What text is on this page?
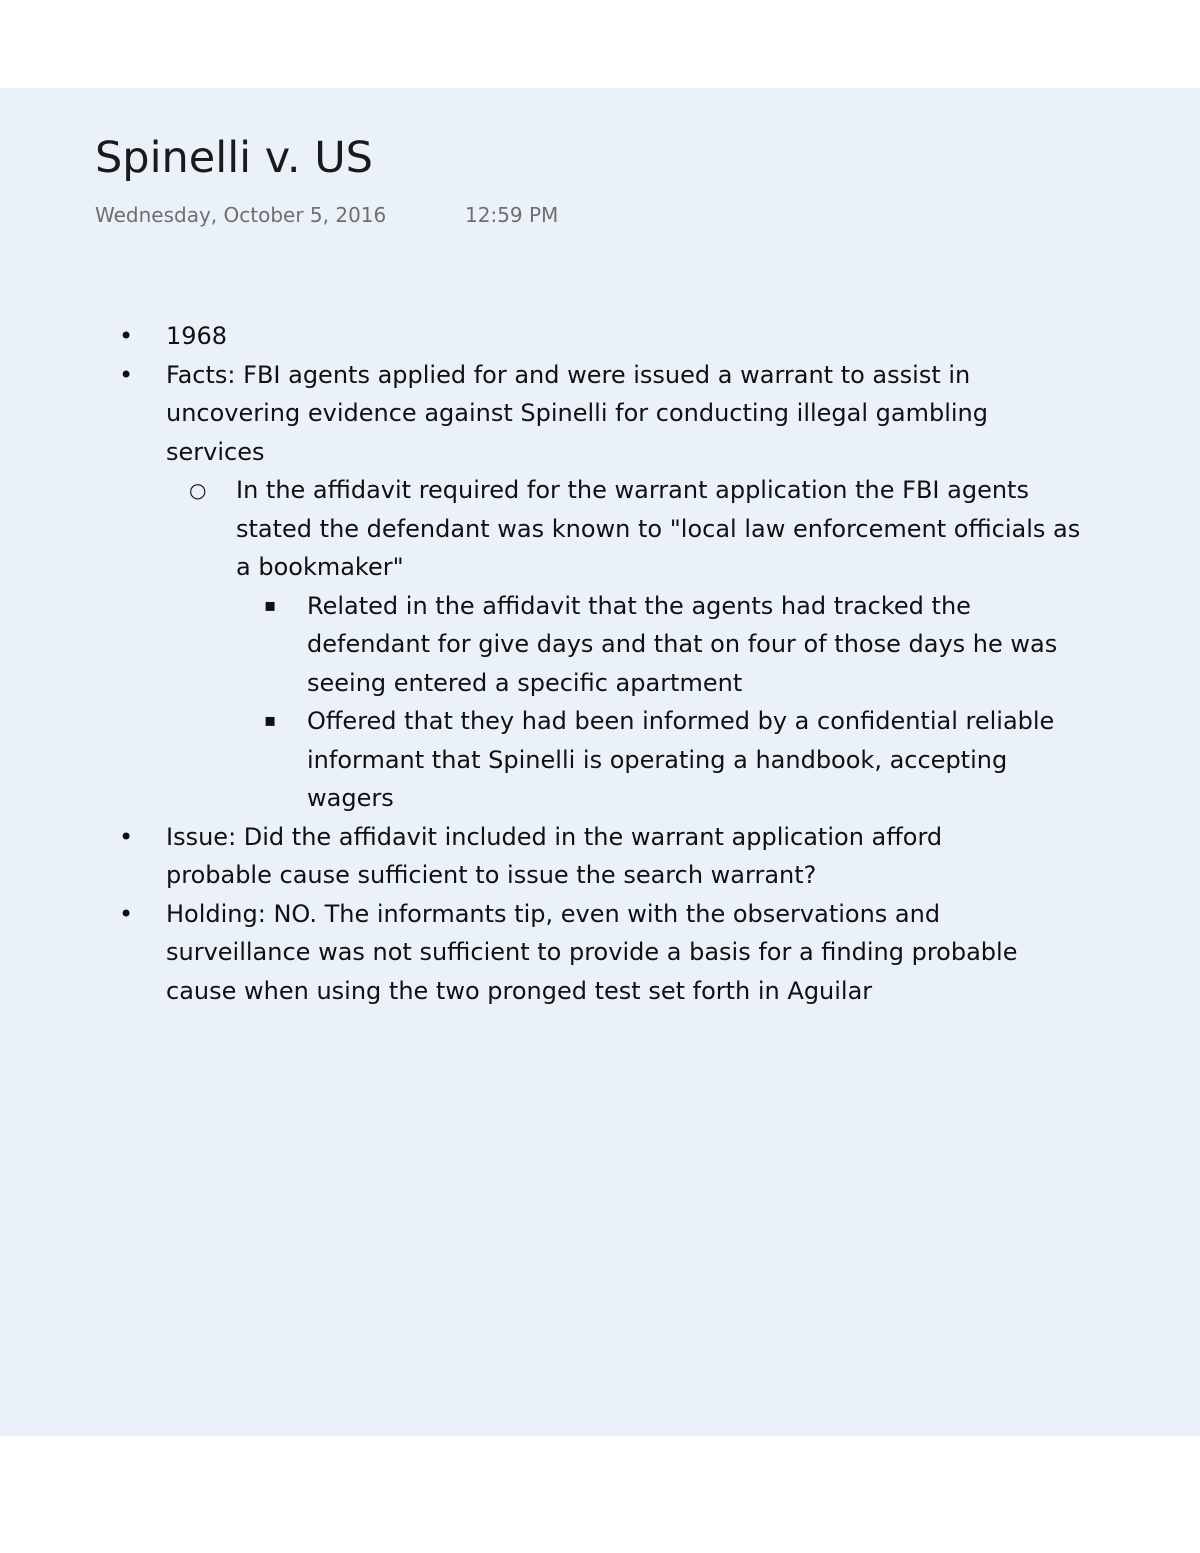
Spinelli v. US
Wednesday, October 5, 2016	12:59 PM
• 1968
• Facts: FBI agents applied for and were issued a warrant to assist in uncovering evidence against Spinelli for conducting illegal gambling services
○ In the affidavit required for the warrant application the FBI agents stated the defendant was known to "local law enforcement officials as a bookmaker"
▪ Related in the affidavit that the agents had tracked the defendant for give days and that on four of those days he was seeing entered a specific apartment
▪ Offered that they had been informed by a confidential reliable informant that Spinelli is operating a handbook, accepting wagers
• Issue: Did the affidavit included in the warrant application afford probable cause sufficient to issue the search warrant?
• Holding: NO. The informants tip, even with the observations and surveillance was not sufficient to provide a basis for a finding probable cause when using the two pronged test set forth in Aguilar
